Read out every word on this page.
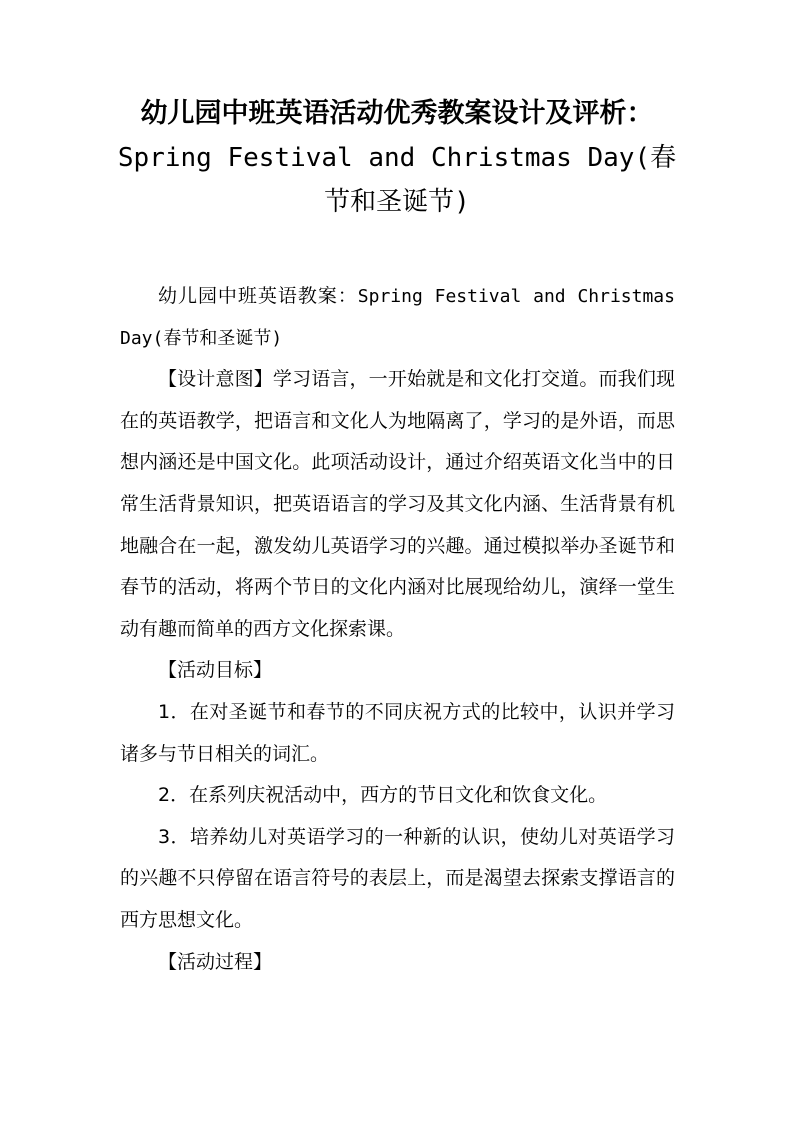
幼儿园中班英语活动优秀教案设计及评析：Spring Festival and Christmas Day(春节和圣诞节)

幼儿园中班英语教案：Spring Festival and Christmas Day(春节和圣诞节)

【设计意图】学习语言，一开始就是和文化打交道。而我们现在的英语教学，把语言和文化人为地隔离了，学习的是外语，而思想内涵还是中国文化。此项活动设计，通过介绍英语文化当中的日常生活背景知识，把英语语言的学习及其文化内涵、生活背景有机地融合在一起，激发幼儿英语学习的兴趣。通过模拟举办圣诞节和春节的活动，将两个节日的文化内涵对比展现给幼儿，演绎一堂生动有趣而简单的西方文化探索课。

【活动目标】

1．在对圣诞节和春节的不同庆祝方式的比较中，认识并学习诸多与节日相关的词汇。

2．在系列庆祝活动中，西方的节日文化和饮食文化。

3．培养幼儿对英语学习的一种新的认识，使幼儿对英语学习的兴趣不只停留在语言符号的表层上，而是渴望去探索支撑语言的西方思想文化。

【活动过程】
